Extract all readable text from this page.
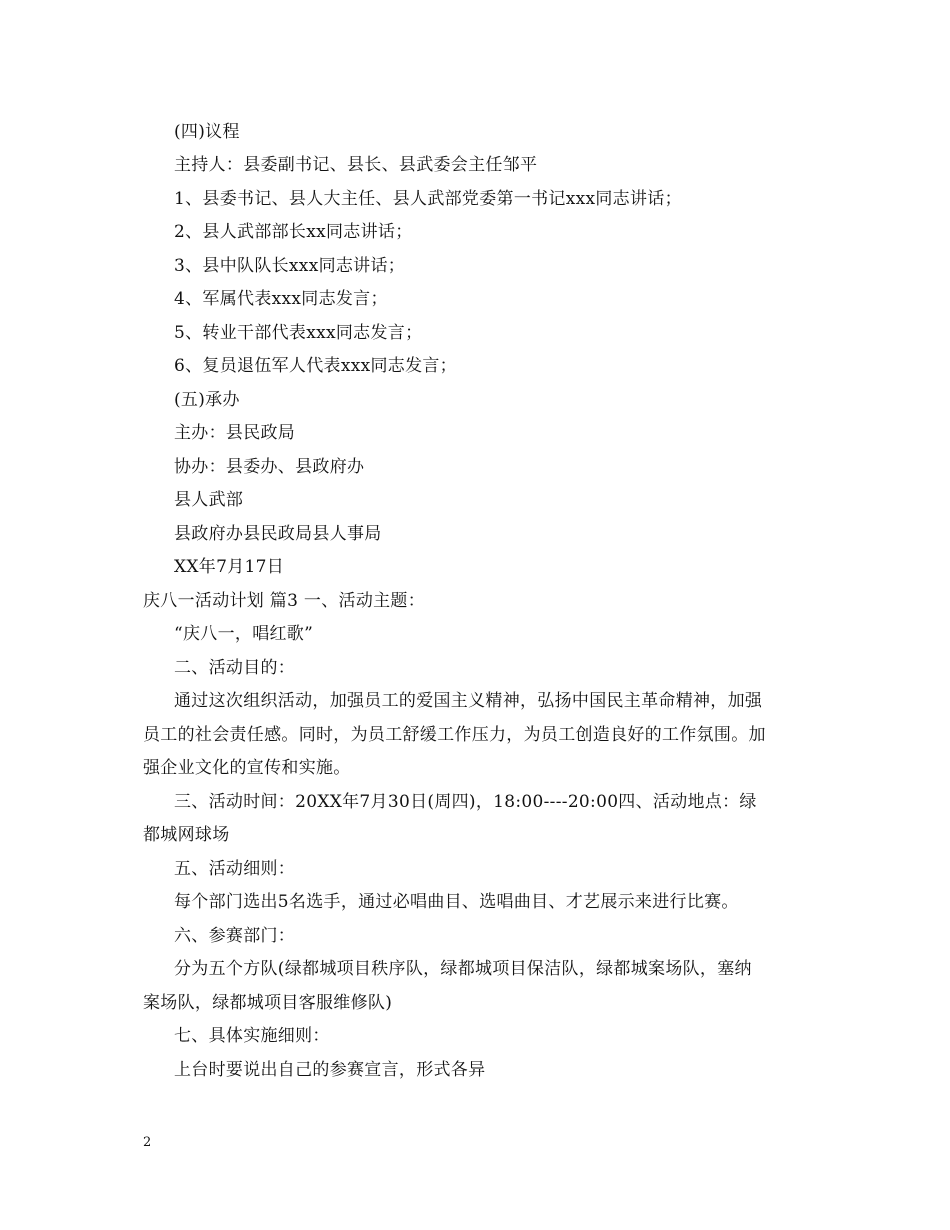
(四)议程
主持人：县委副书记、县长、县武委会主任邹平
1、县委书记、县人大主任、县人武部党委第一书记xxx同志讲话；
2、县人武部部长xx同志讲话；
3、县中队队长xxx同志讲话；
4、军属代表xxx同志发言；
5、转业干部代表xxx同志发言；
6、复员退伍军人代表xxx同志发言；
(五)承办
主办：县民政局
协办：县委办、县政府办
县人武部
县政府办县民政局县人事局
XX年7月17日
庆八一活动计划 篇3 一、活动主题：
“庆八一，唱红歌”
二、活动目的：
通过这次组织活动，加强员工的爱国主义精神，弘扬中国民主革命精神，加强
员工的社会责任感。同时，为员工舒缓工作压力，为员工创造良好的工作氛围。加
强企业文化的宣传和实施。
三、活动时间：20XX年7月30日(周四)，18:00----20:00四、活动地点：绿
都城网球场
五、活动细则：
每个部门选出5名选手，通过必唱曲目、选唱曲目、才艺展示来进行比赛。
六、参赛部门：
分为五个方队(绿都城项目秩序队，绿都城项目保洁队，绿都城案场队，塞纳
案场队，绿都城项目客服维修队)
七、具体实施细则：
上台时要说出自己的参赛宣言，形式各异
2
